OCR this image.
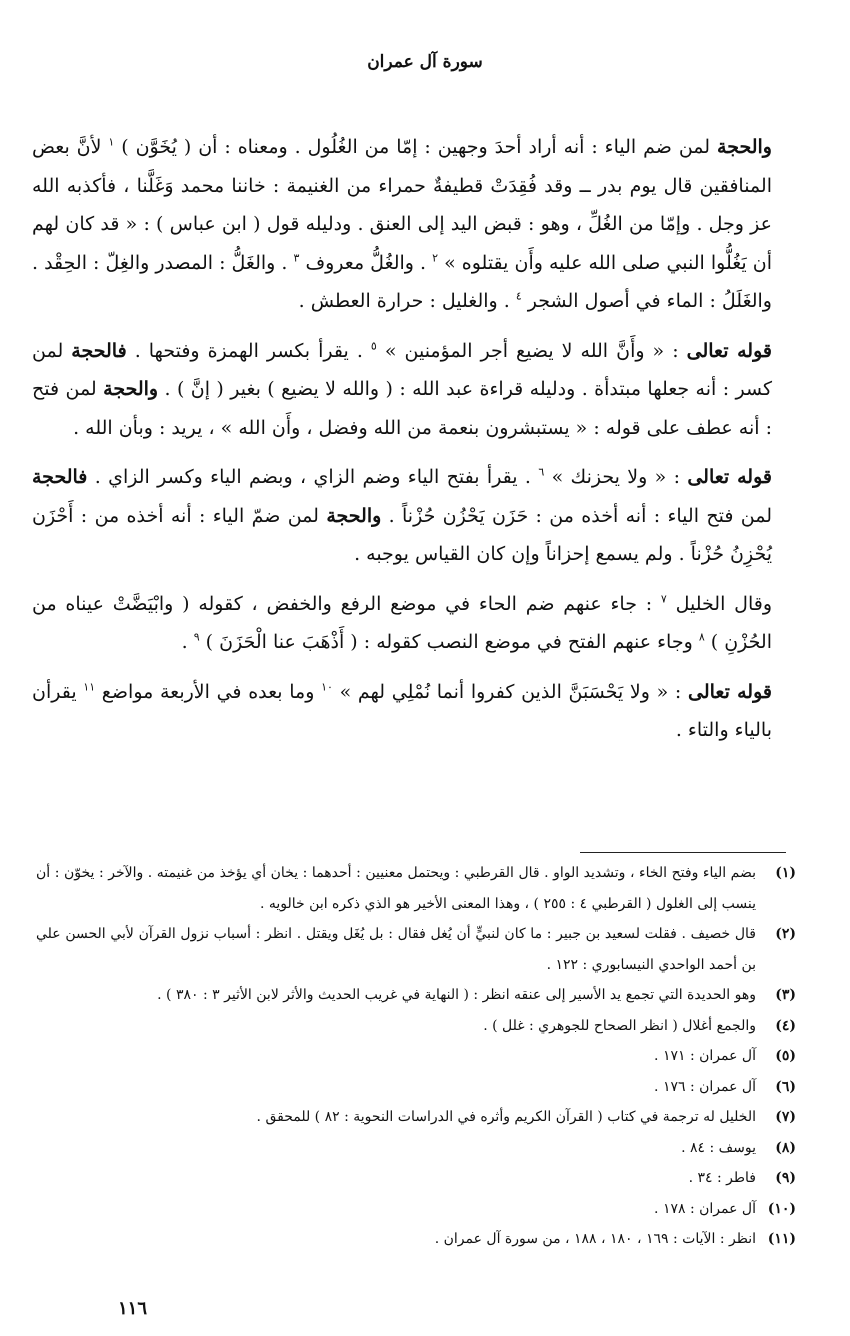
سورة آل عمران

والحجة لمن ضم الياء : أنه أراد أحدَ وجهين : إمّا من الغُلُول . ومعناه : أن ( يُخَوَّن ) $^١$ لأنَّ بعض المنافقين قال يوم بدر ــ وقد فُقِدَتْ قطيفةٌ حمراء من الغنيمة : خاننا محمد وَغَلَّنا ، فأكذبه الله عز وجل . وإمّا من الغُلِّ ، وهو : قبض اليد إلى العنق . ودليله قول ( ابن عباس ) : « قد كان لهم أن يَغُلُّوا النبي صلى الله عليه وأَن يقتلوه » $^٢$ . والغُلُّ معروف $^٣$ . والغَلُّ : المصدر والغِلّ : الحِقْد . والغَلَلُ : الماء في أصول الشجر $^٤$ . والغليل : حرارة العطش .

قوله تعالى : « وأَنَّ الله لا يضيع أجر المؤمنين » $^٥$ . يقرأ بكسر الهمزة وفتحها . فالحجة لمن كسر : أنه جعلها مبتدأة . ودليله قراءة عبد الله : ( والله لا يضيع ) بغير ( إنَّ ) . والحجة لمن فتح : أنه عطف على قوله : « يستبشرون بنعمة من الله وفضل ، وأَن الله » ، يريد : وبأن الله .

قوله تعالى : « ولا يحزنك » $^٦$ . يقرأ بفتح الياء وضم الزاي ، وبضم الياء وكسر الزاي . فالحجة لمن فتح الياء : أنه أخذه من : حَزَن يَحْزُن حُزْناً . والحجة لمن ضمّ الياء : أنه أخذه من : أَحْزَن يُحْزِنُ حُزْناً . ولم يسمع إحزاناً وإن كان القياس يوجبه .

وقال الخليل $^٧$ : جاء عنهم ضم الحاء في موضع الرفع والخفض ، كقوله ( وابْيَضَّتْ عيناه من الحُزْنِ ) $^٨$ وجاء عنهم الفتح في موضع النصب كقوله : ( أَذْهَبَ عنا الْحَزَنَ ) $^٩$ .

قوله تعالى : « ولا يَحْسَبَنَّ الذين كفروا أنما نُمْلِي لهم » $^{١٠}$ وما بعده في الأربعة مواضع $^{١١}$ يقرأن بالياء والتاء .

(١)
بضم الياء وفتح الخاء ، وتشديد الواو . قال القرطبي : ويحتمل معنيين : أحدهما : يخان أي يؤخذ من غنيمته . والآخر : يخوّن : أن ينسب إلى الغلول ( القرطبي ٤ : ٢٥٥ ) ، وهذا المعنى الأخير هو الذي ذكره ابن خالويه .
(٢)
قال خصيف . فقلت لسعيد بن جبير : ما كان لنبيٍّ أن يُغل فقال : بل يُغَل ويقتل . انظر : أسباب نزول القرآن لأبي الحسن علي بن أحمد الواحدي النيسابوري : ١٢٢ .
(٣)
وهو الحديدة التي تجمع يد الأسير إلى عنقه انظر : ( النهاية في غريب الحديث والأثر لابن الأثير ٣ : ٣٨٠ ) .
(٤)
والجمع أغلال ( انظر الصحاح للجوهري : غلل ) .
(٥)
آل عمران : ١٧١ .
(٦)
آل عمران : ١٧٦ .
(٧)
الخليل له ترجمة في كتاب ( القرآن الكريم وأثره في الدراسات النحوية : ٨٢ ) للمحقق .
(٨)
يوسف : ٨٤ .
(٩)
فاطر : ٣٤ .
(١٠)
آل عمران : ١٧٨ .
(١١)
انظر : الآيات : ١٦٩ ، ١٨٠ ، ١٨٨ ، من سورة آل عمران .
١١٦
